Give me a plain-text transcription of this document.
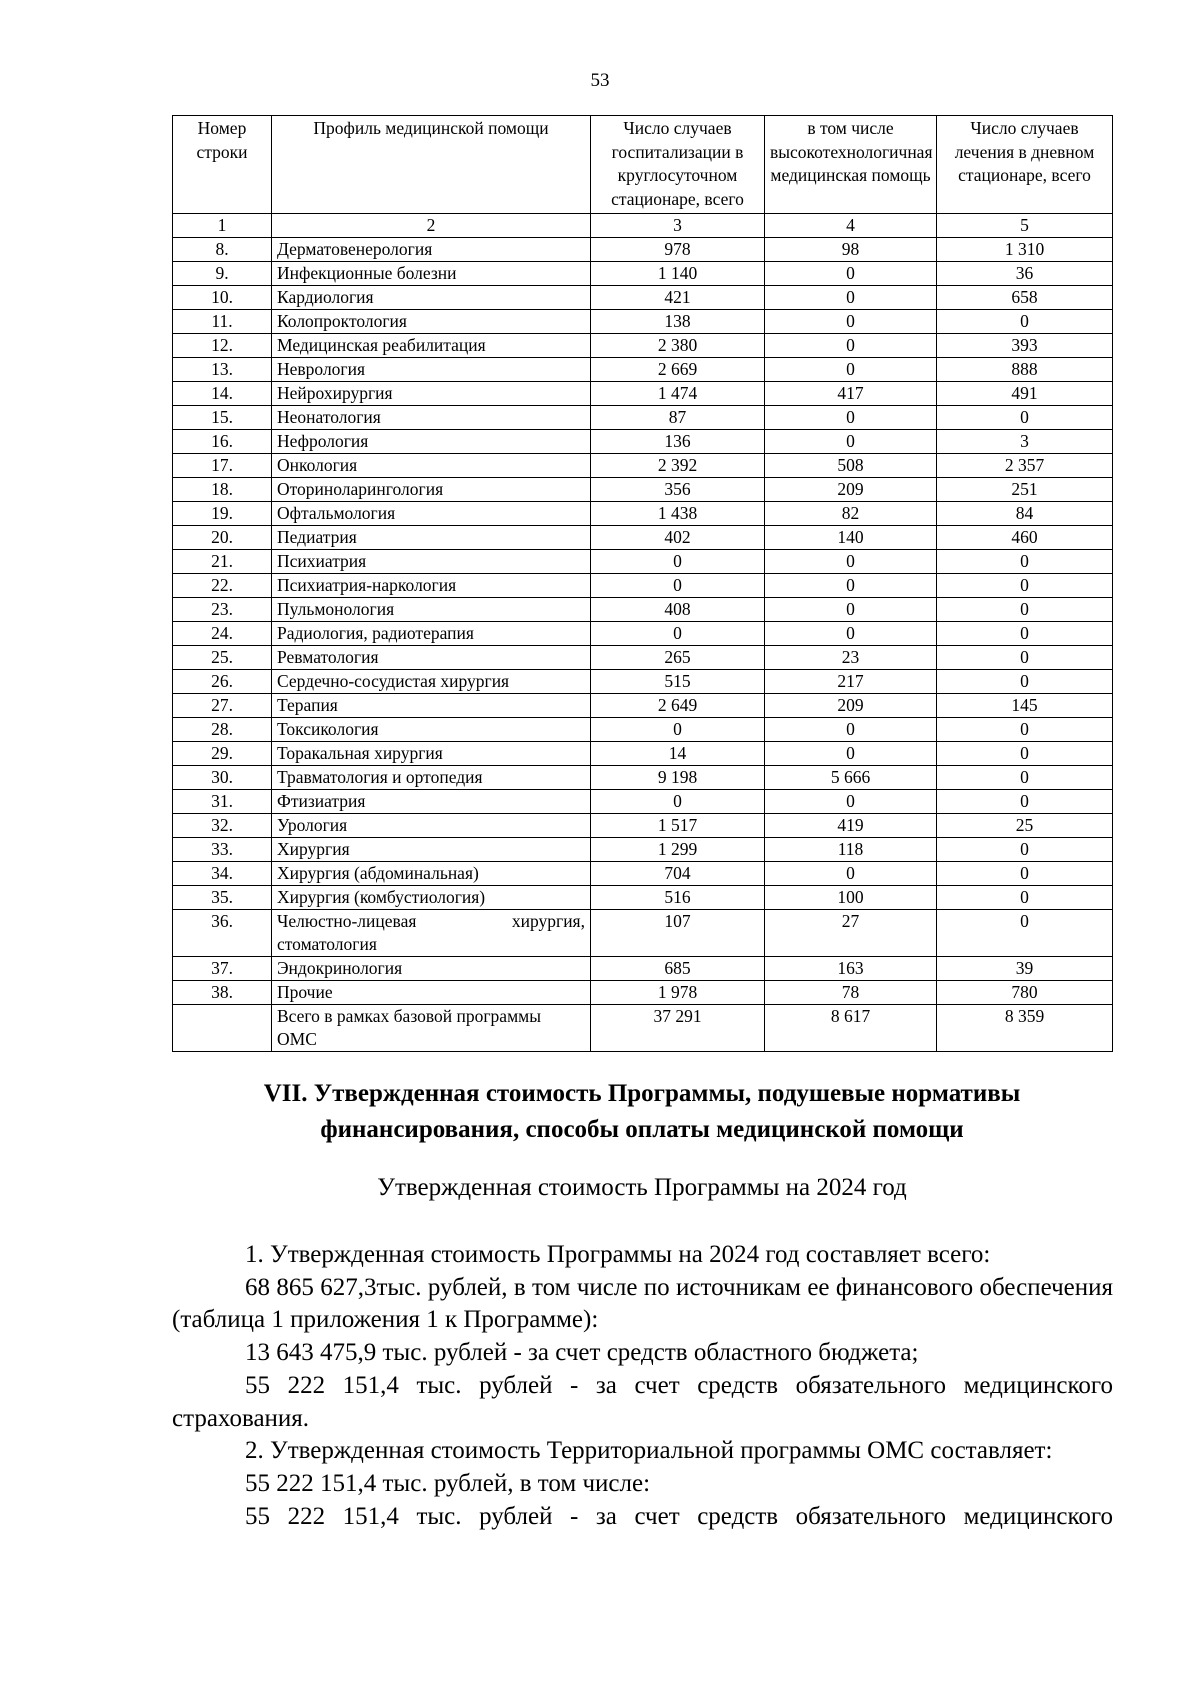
53
Номер строки	Профиль медицинской помощи	Число случаев госпитализации в круглосуточном стационаре, всего	в том числе высокотехнологичная медицинская помощь	Число случаев лечения в дневном стационаре, всего
1	2	3	4	5
8.	Дерматовенерология	978	98	1 310
9.	Инфекционные болезни	1 140	0	36
10.	Кардиология	421	0	658
11.	Колопроктология	138	0	0
12.	Медицинская реабилитация	2 380	0	393
13.	Неврология	2 669	0	888
14.	Нейрохирургия	1 474	417	491
15.	Неонатология	87	0	0
16.	Нефрология	136	0	3
17.	Онкология	2 392	508	2 357
18.	Оториноларингология	356	209	251
19.	Офтальмология	1 438	82	84
20.	Педиатрия	402	140	460
21.	Психиатрия	0	0	0
22.	Психиатрия-наркология	0	0	0
23.	Пульмонология	408	0	0
24.	Радиология, радиотерапия	0	0	0
25.	Ревматология	265	23	0
26.	Сердечно-сосудистая хирургия	515	217	0
27.	Терапия	2 649	209	145
28.	Токсикология	0	0	0
29.	Торакальная хирургия	14	0	0
30.	Травматология и ортопедия	9 198	5 666	0
31.	Фтизиатрия	0	0	0
32.	Урология	1 517	419	25
33.	Хирургия	1 299	118	0
34.	Хирургия (абдоминальная)	704	0	0
35.	Хирургия (комбустиология)	516	100	0
36.	Челюстно-лицевая хирургия, стоматология	107	27	0
37.	Эндокринология	685	163	39
38.	Прочие	1 978	78	780
	Всего в рамках базовой программы ОМС	37 291	8 617	8 359
VII. Утвержденная стоимость Программы, подушевые нормативы финансирования, способы оплаты медицинской помощи
Утвержденная стоимость Программы на 2024 год

1. Утвержденная стоимость Программы на 2024 год составляет всего:

68 865 627,3тыс. рублей, в том числе по источникам ее финансового обеспечения (таблица 1 приложения 1 к Программе):

13 643 475,9 тыс. рублей - за счет средств областного бюджета;

55 222 151,4 тыс. рублей - за счет средств обязательного медицинского страхования.

2. Утвержденная стоимость Территориальной программы ОМС составляет:

55 222 151,4 тыс. рублей, в том числе:

55 222 151,4 тыс. рублей - за счет средств обязательного медицинского
